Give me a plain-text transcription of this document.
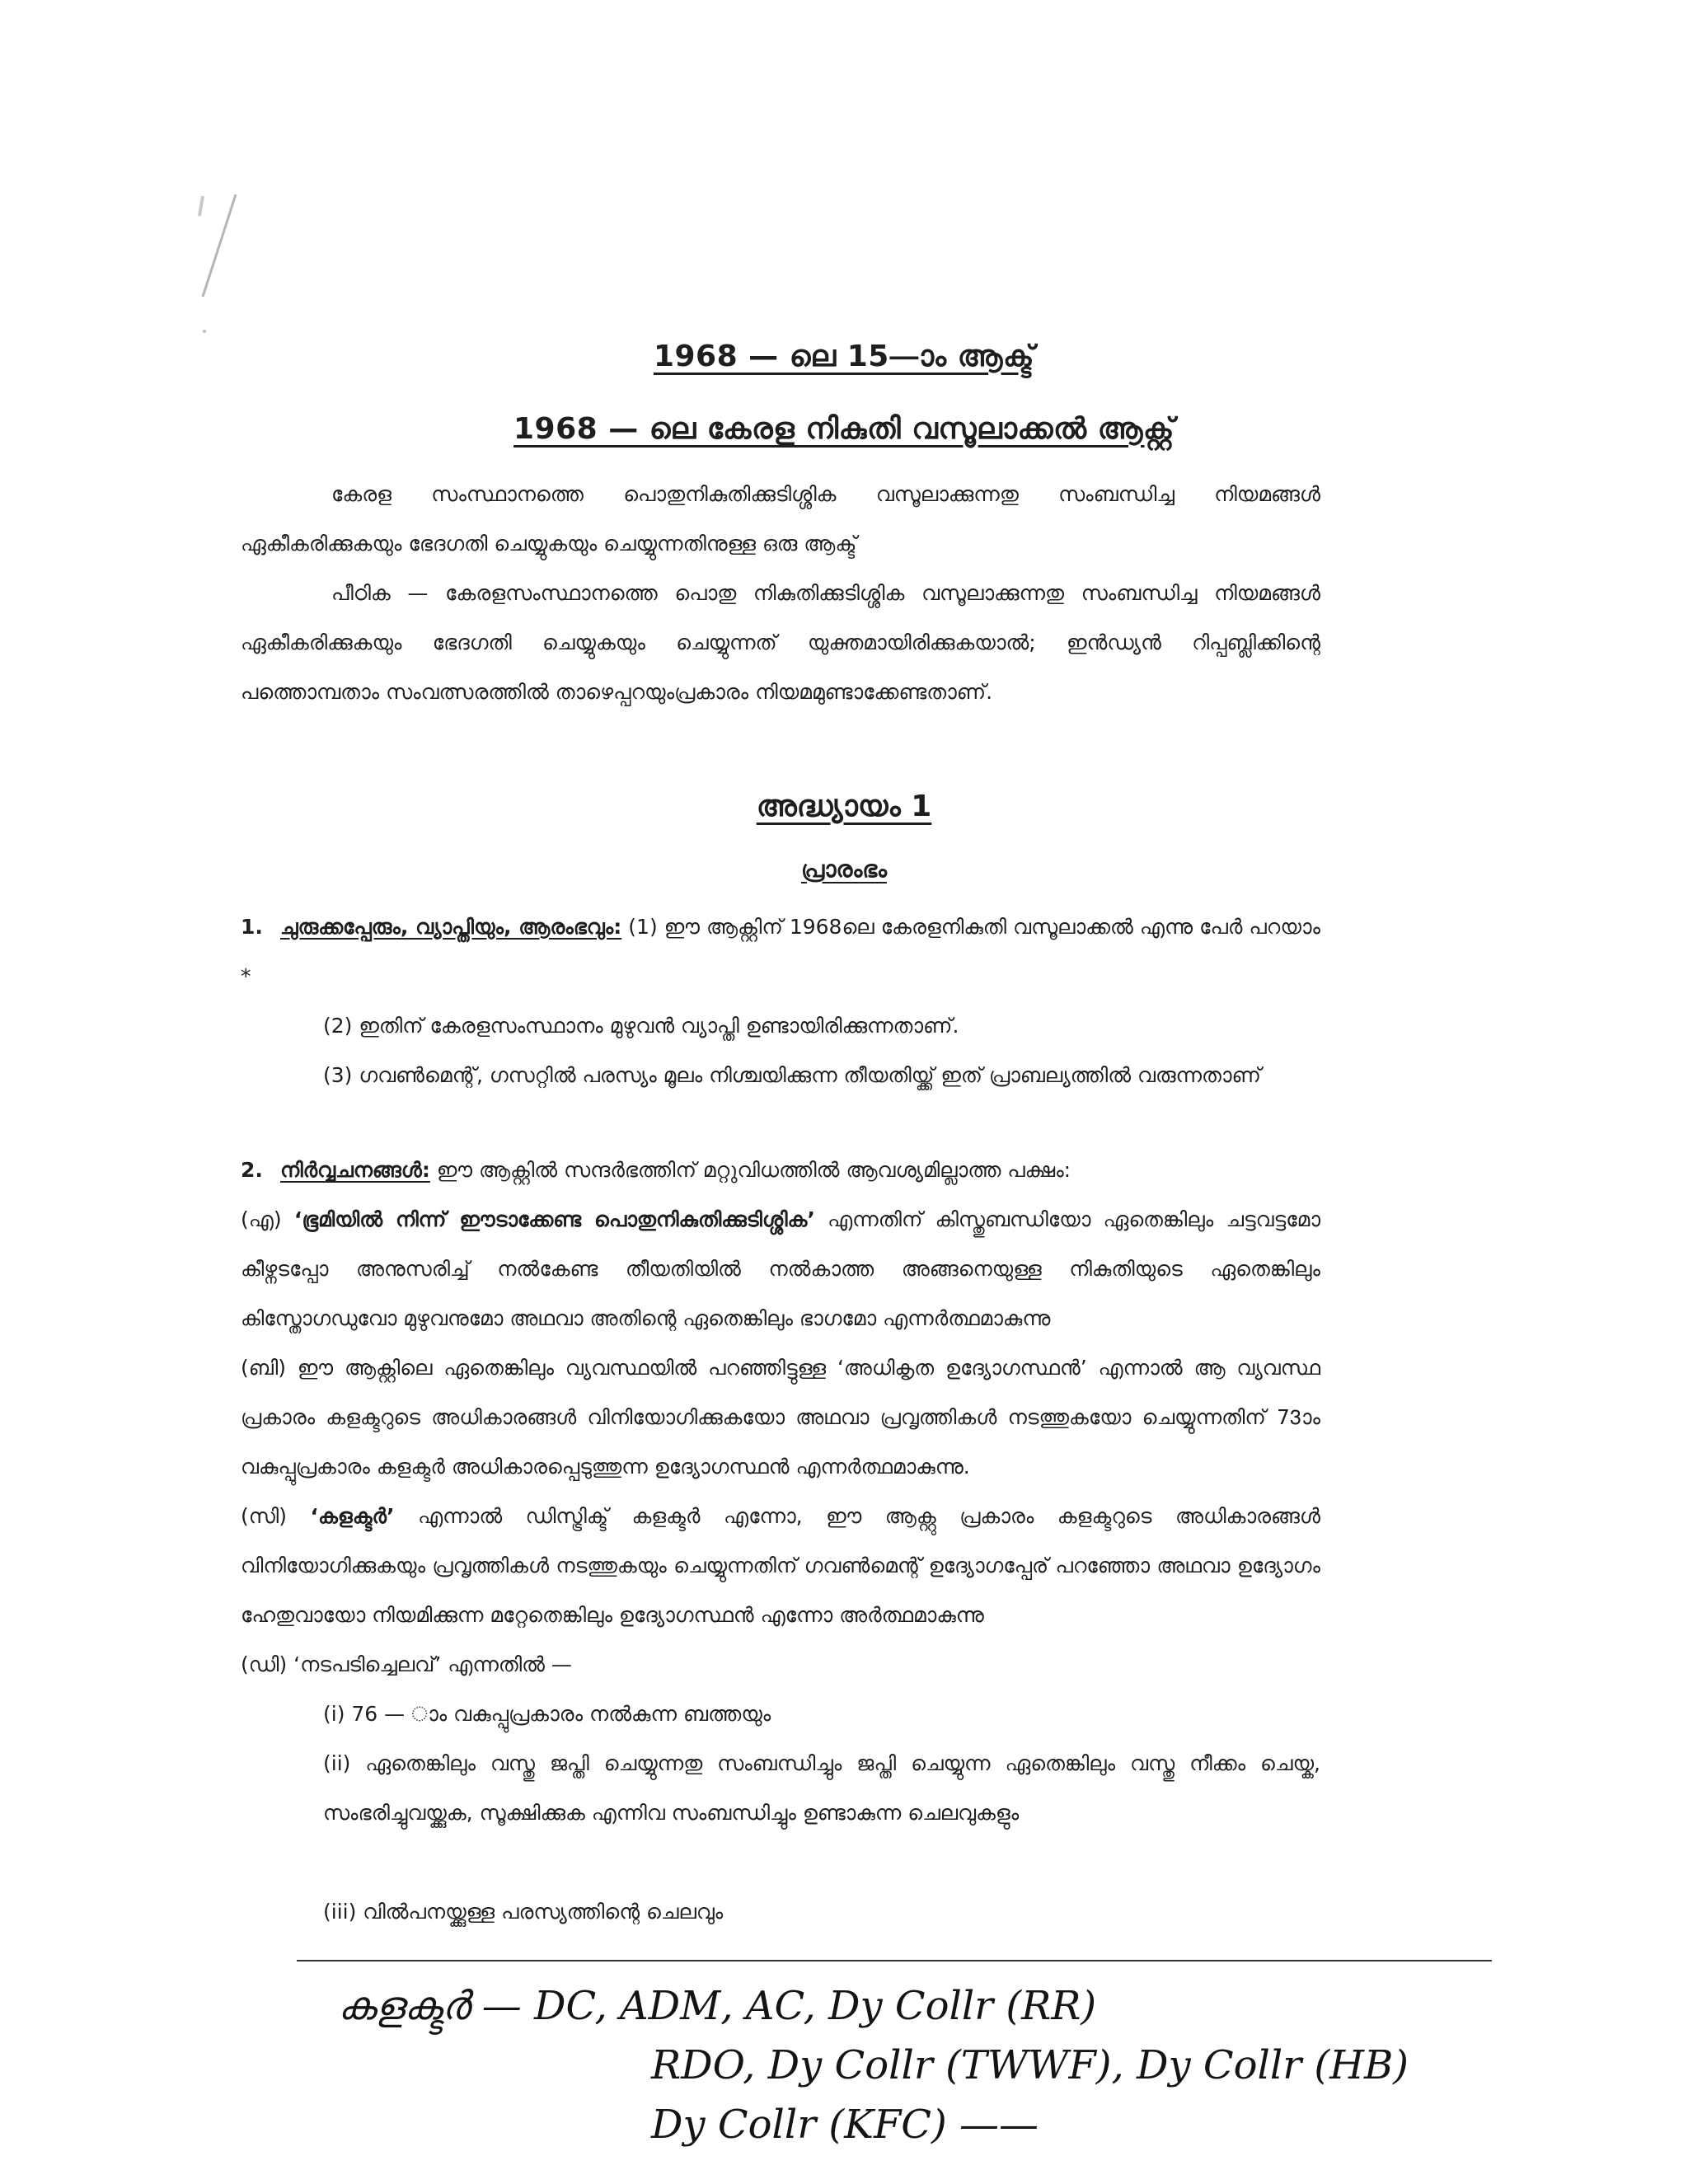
1968 — ലെ 15—ാം ആക്ട്
1968 — ലെ കേരള നികുതി വസൂലാക്കൽ ആക്റ്റ്
കേരള സംസ്ഥാനത്തെ പൊതുനികുതിക്കുടിശ്ശിക വസൂലാക്കുന്നതു സംബന്ധിച്ച നിയമങ്ങൾ ഏകീകരിക്കുകയും ഭേദഗതി ചെയ്യുകയും ചെയ്യുന്നതിനുള്ള ഒരു ആക്ട്
പീഠിക — കേരളസംസ്ഥാനത്തെ പൊതു നികുതിക്കുടിശ്ശിക വസൂലാക്കുന്നതു സംബന്ധിച്ച നിയമങ്ങൾ ഏകീകരിക്കുകയും ഭേദഗതി ചെയ്യുകയും ചെയ്യുന്നത് യുക്തമായിരിക്കുകയാൽ; ഇൻഡ്യൻ റിപ്പബ്ലിക്കിന്റെ പത്തൊമ്പതാം സംവത്സരത്തിൽ താഴെപ്പറയുംപ്രകാരം നിയമമുണ്ടാക്കേണ്ടതാണ്.
അദ്ധ്യായം 1
പ്രാരംഭം
1. ചുരുക്കപ്പേരും, വ്യാപ്തിയും, ആരംഭവും: (1) ഈ ആക്റ്റിന് 1968ലെ കേരളനികുതി വസൂലാക്കൽ എന്നു പേർ പറയാം *
(2) ഇതിന് കേരളസംസ്ഥാനം മുഴുവൻ വ്യാപ്തി ഉണ്ടായിരിക്കുന്നതാണ്.
(3) ഗവൺമെന്റ്, ഗസറ്റിൽ പരസ്യം മൂലം നിശ്ചയിക്കുന്ന തീയതിയ്ക്ക് ഇത് പ്രാബല്യത്തിൽ വരുന്നതാണ്
2. നിർവ്വചനങ്ങൾ: ഈ ആക്റ്റിൽ സന്ദർഭത്തിന് മറ്റുവിധത്തിൽ ആവശ്യമില്ലാത്ത പക്ഷം:
(എ) ‘ഭൂമിയിൽ നിന്ന് ഈടാക്കേണ്ട പൊതുനികുതിക്കുടിശ്ശിക’ എന്നതിന് കിസ്തുബന്ധിയോ ഏതെങ്കിലും ചട്ടവട്ടമോ കീഴ്നടപ്പോ അനുസരിച്ച് നൽകേണ്ട തീയതിയിൽ നൽകാത്ത അങ്ങനെയുള്ള നികുതിയുടെ ഏതെങ്കിലും കിസ്തോഗഡുവോ മുഴുവനുമോ അഥവാ അതിന്റെ ഏതെങ്കിലും ഭാഗമോ എന്നർത്ഥമാകുന്നു
(ബി) ഈ ആക്റ്റിലെ ഏതെങ്കിലും വ്യവസ്ഥയിൽ പറഞ്ഞിട്ടുള്ള ‘അധികൃത ഉദ്യോഗസ്ഥൻ’ എന്നാൽ ആ വ്യവസ്ഥ പ്രകാരം കളക്ടറുടെ അധികാരങ്ങൾ വിനിയോഗിക്കുകയോ അഥവാ പ്രവൃത്തികൾ നടത്തുകയോ ചെയ്യുന്നതിന് 73ാം വകുപ്പുപ്രകാരം കളക്ടർ അധികാരപ്പെടുത്തുന്ന ഉദ്യോഗസ്ഥൻ എന്നർത്ഥമാകുന്നു.
(സി) ‘കളക്ടർ’ എന്നാൽ ഡിസ്ട്രിക്ട് കളക്ടർ എന്നോ, ഈ ആക്റ്റു പ്രകാരം കളക്ടറുടെ അധികാരങ്ങൾ വിനിയോഗിക്കുകയും പ്രവൃത്തികൾ നടത്തുകയും ചെയ്യുന്നതിന് ഗവൺമെന്റ് ഉദ്യോഗപ്പേര് പറഞ്ഞോ അഥവാ ഉദ്യോഗം ഹേതുവായോ നിയമിക്കുന്ന മറ്റേതെങ്കിലും ഉദ്യോഗസ്ഥൻ എന്നോ അർത്ഥമാകുന്നു
(ഡി) ‘നടപടിച്ചെലവ്’ എന്നതിൽ —
(i) 76 — ാം വകുപ്പുപ്രകാരം നൽകുന്ന ബത്തയും
(ii) ഏതെങ്കിലും വസ്തു ജപ്തി ചെയ്യുന്നതു സംബന്ധിച്ചും ജപ്തി ചെയ്യുന്ന ഏതെങ്കിലും വസ്തു നീക്കം ചെയ്ക, സംഭരിച്ചുവയ്ക്കുക, സൂക്ഷിക്കുക എന്നിവ സംബന്ധിച്ചും ഉണ്ടാകുന്ന ചെലവുകളും
(iii) വിൽപനയ്ക്കുള്ള പരസ്യത്തിന്റെ ചെലവും
കളക്ടർ — DC, ADM, AC, Dy Collr (RR)
RDO, Dy Collr (TWWF), Dy Collr (HB)
Dy Collr (KFC) ——
